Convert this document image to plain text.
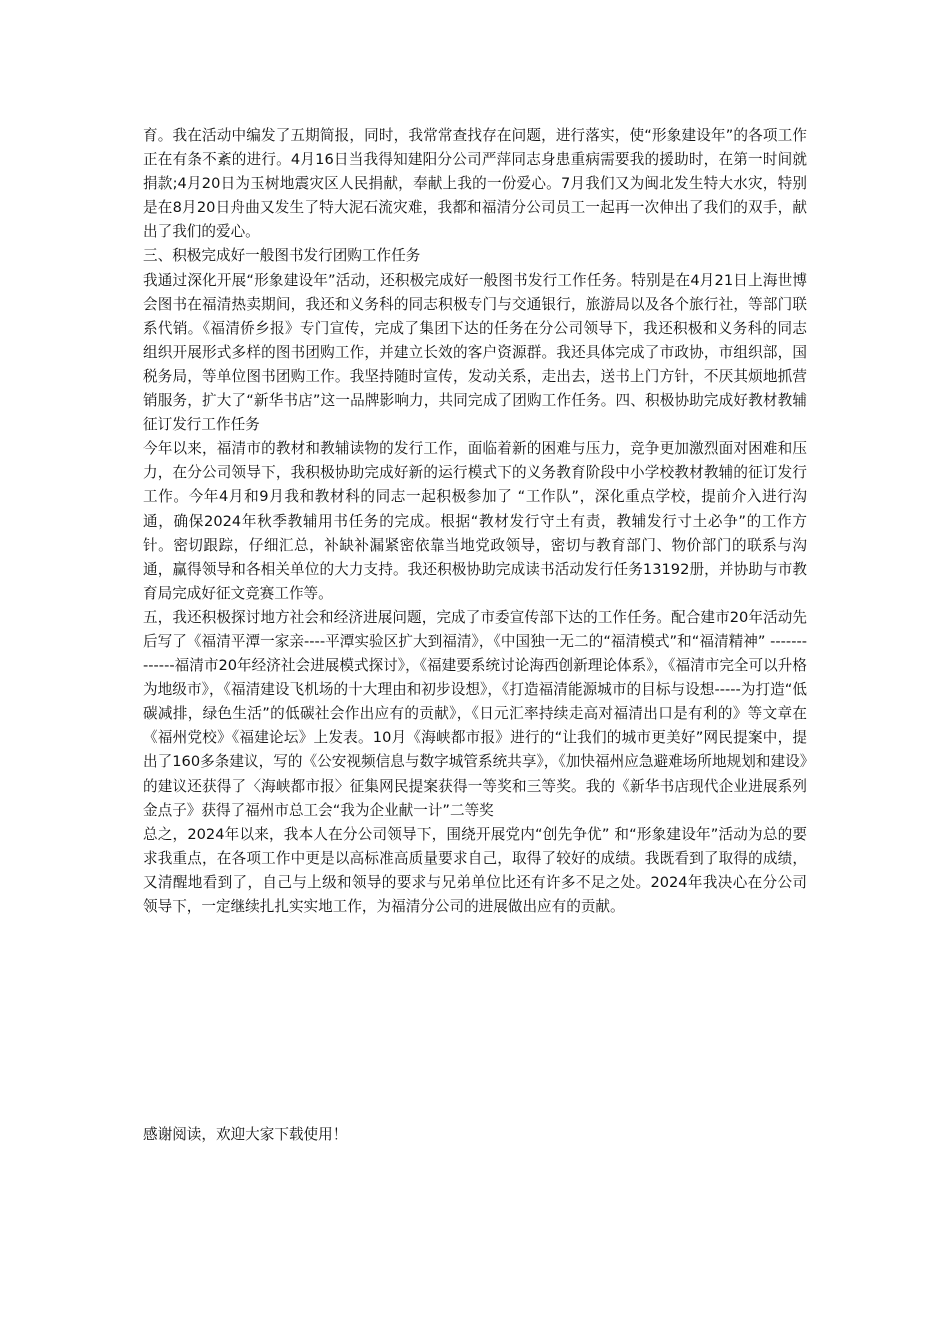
育。我在活动中编发了五期简报，同时，我常常查找存在问题，进行落实，使“形象建设年”的各项工作正在有条不紊的进行。4月16日当我得知建阳分公司严萍同志身患重病需要我的援助时，在第一时间就捐款;4月20日为玉树地震灾区人民捐献，奉献上我的一份爱心。7月我们又为闽北发生特大水灾，特别是在8月20日舟曲又发生了特大泥石流灾难，我都和福清分公司员工一起再一次伸出了我们的双手，献出了我们的爱心。

三、积极完成好一般图书发行团购工作任务

我通过深化开展“形象建设年”活动，还积极完成好一般图书发行工作任务。特别是在4月21日上海世博会图书在福清热卖期间，我还和义务科的同志积极专门与交通银行，旅游局以及各个旅行社，等部门联系代销。《福清侨乡报》专门宣传，完成了集团下达的任务在分公司领导下，我还积极和义务科的同志组织开展形式多样的图书团购工作，并建立长效的客户资源群。我还具体完成了市政协，市组织部，国税务局，等单位图书团购工作。我坚持随时宣传，发动关系，走出去，送书上门方针，不厌其烦地抓营销服务，扩大了“新华书店”这一品牌影响力，共同完成了团购工作任务。四、积极协助完成好教材教辅征订发行工作任务

今年以来，福清市的教材和教辅读物的发行工作，面临着新的困难与压力，竞争更加激烈面对困难和压力，在分公司领导下，我积极协助完成好新的运行模式下的义务教育阶段中小学校教材教辅的征订发行工作。今年4月和9月我和教材科的同志一起积极参加了 “工作队”，深化重点学校，提前介入进行沟通，确保2024年秋季教辅用书任务的完成。根据“教材发行守土有责，教辅发行寸土必争”的工作方针。密切跟踪，仔细汇总，补缺补漏紧密依靠当地党政领导，密切与教育部门、物价部门的联系与沟通，赢得领导和各相关单位的大力支持。我还积极协助完成读书活动发行任务13192册，并协助与市教育局完成好征文竞赛工作等。

五，我还积极探讨地方社会和经济进展问题，完成了市委宣传部下达的工作任务。配合建市20年活动先后写了《福清平潭一家亲----平潭实验区扩大到福清》，《中国独一无二的“福清模式”和“福清精神” -------------福清市20年经济社会进展模式探讨》，《福建要系统讨论海西创新理论体系》，《福清市完全可以升格为地级市》，《福清建设飞机场的十大理由和初步设想》，《打造福清能源城市的目标与设想-----为打造“低碳减排，绿色生活”的低碳社会作出应有的贡献》，《日元汇率持续走高对福清出口是有利的》等文章在《福州党校》《福建论坛》上发表。10月《海峡都市报》进行的“让我们的城市更美好”网民提案中，提出了160多条建议，写的《公安视频信息与数字城管系统共享》，《加快福州应急避难场所地规划和建设》的建议还获得了〈海峡都市报〉征集网民提案获得一等奖和三等奖。我的《新华书店现代企业进展系列金点子》获得了福州市总工会“我为企业献一计”二等奖

总之，2024年以来，我本人在分公司领导下，围绕开展党内“创先争优” 和“形象建设年”活动为总的要求我重点，在各项工作中更是以高标准高质量要求自己，取得了较好的成绩。我既看到了取得的成绩，又清醒地看到了，自己与上级和领导的要求与兄弟单位比还有许多不足之处。2024年我决心在分公司领导下，一定继续扎扎实实地工作，为福清分公司的进展做出应有的贡献。

感谢阅读，欢迎大家下载使用！
